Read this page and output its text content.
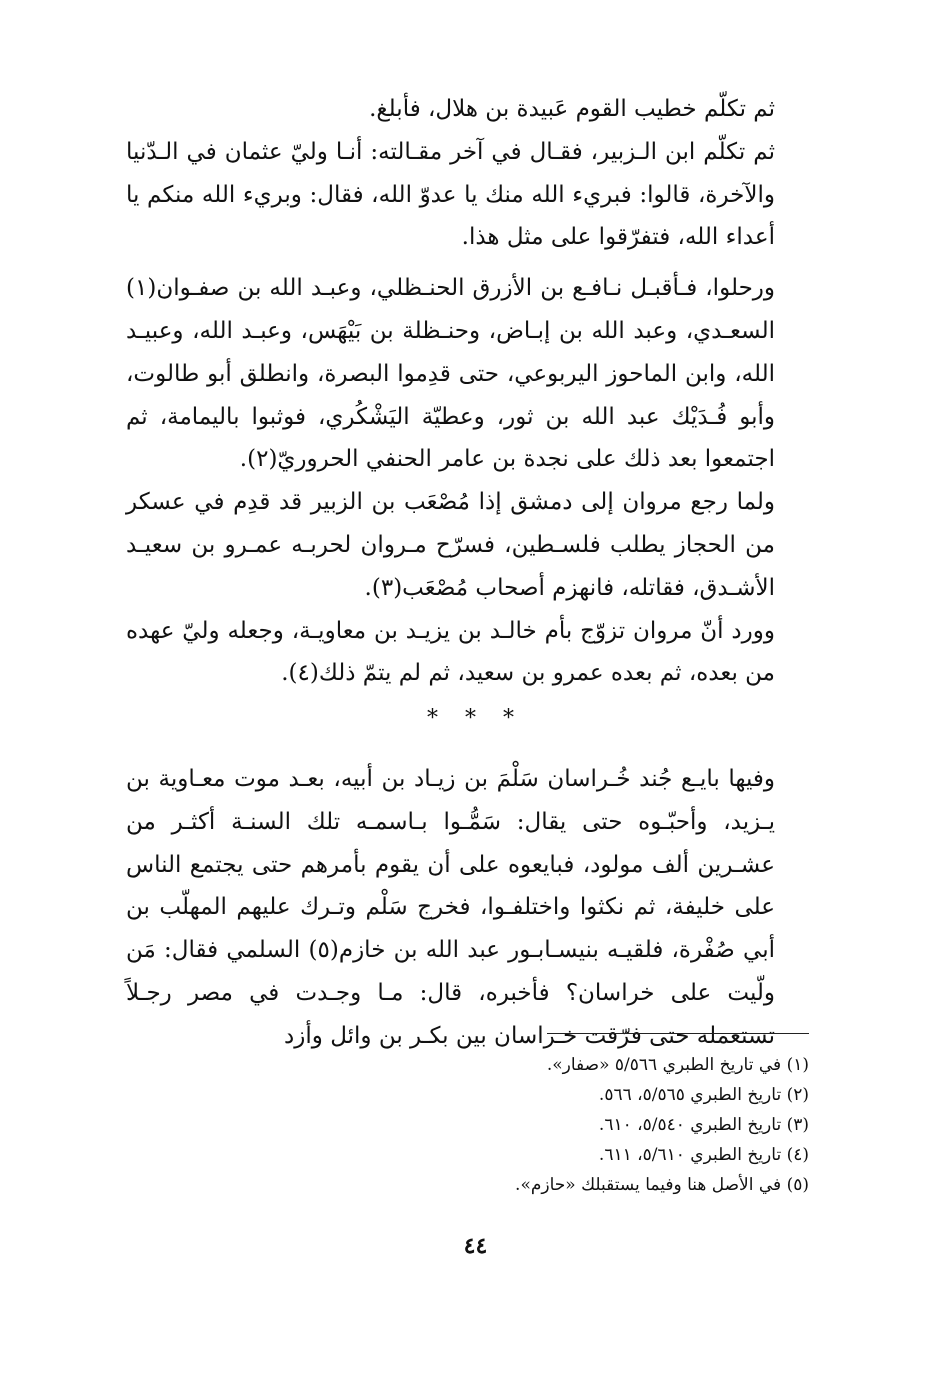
ثم تكلّم خطيب القوم عَبيدة بن هلال، فأبلغ.

ثم تكلّم ابن الـزبير، فقـال في آخر مقـالته: أنـا وليّ عثمان في الـدّنيا والآخرة، قالوا: فبريء الله منك يا عدوّ الله، فقال: وبريء الله منكم يا أعداء الله، فتفرّقوا على مثل هذا.

ورحلوا، فـأقبـل نـافـع بن الأزرق الحنـظلي، وعبـد الله بن صفـوان(١) السعـدي، وعبد الله بن إبـاض، وحنـظلة بن بَيْهَس، وعبـد الله، وعبيـد الله، وابن الماحوز اليربوعي، حتى قدِموا البصرة، وانطلق أبو طالوت، وأبو فُـدَيْك عبد الله بن ثور، وعطيّة اليَشْكُري، فوثبوا باليمامة، ثم اجتمعوا بعد ذلك على نجدة بن عامر الحنفي الحروريّ(٢).

ولما رجع مروان إلى دمشق إذا مُصْعَب بن الزبير قد قدِم في عسكر من الحجاز يطلب فلسـطين، فسرّح مـروان لحربـه عمـرو بن سعيـد الأشـدق، فقاتله، فانهزم أصحاب مُصْعَب(٣).

وورد أنّ مروان تزوّج بأم خالـد بن يزيـد بن معاويـة، وجعله وليّ عهده من بعده، ثم بعده عمرو بن سعيد، ثم لم يتمّ ذلك(٤).

* * *

وفيها بايـع جُند خُـراسان سَلْمَ بن زيـاد بن أبيه، بعـد موت معـاوية بن يـزيد، وأحبّـوه حتى يقال: سَمُّـوا بـاسمـه تلك السنـة أكثـر من عشـرين ألف مولود، فبايعوه على أن يقوم بأمرهم حتى يجتمع الناس على خليفة، ثم نكثوا واختلفـوا، فخرج سَلْم وتـرك عليهم المهلّب بن أبي صُفْرة، فلقيـه بنيسـابـور عبد الله بن خازم(٥) السلمي فقال: مَن ولّيت على خراسان؟ فأخبره، قال: مـا وجـدت في مصر رجـلاً تستعمله حتى فرّقت خـراسان بين بكـر بن وائل وأزد

(١) في تاريخ الطبري ٥/٥٦٦ «صفار».
(٢) تاريخ الطبري ٥/٥٦٥، ٥٦٦.
(٣) تاريخ الطبري ٥/٥٤٠، ٦١٠.
(٤) تاريخ الطبري ٥/٦١٠، ٦١١.
(٥) في الأصل هنا وفيما يستقبلك «حازم».
٤٤
